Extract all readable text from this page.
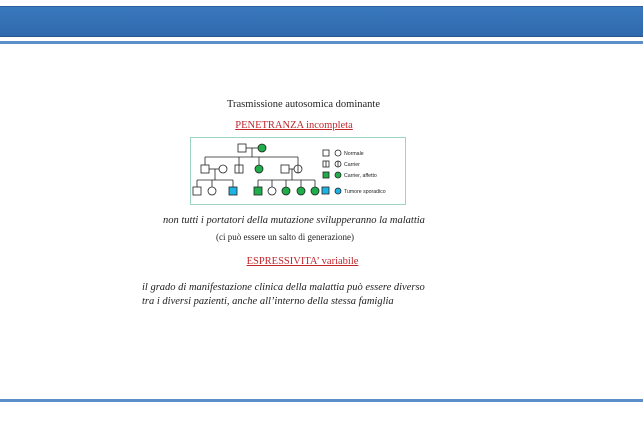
Trasmissione autosomica dominante
PENETRANZA incompleta
Normale
Carrier
Carrier, affetto
Tumore sporadico
non tutti i portatori della mutazione svilupperanno la malattia
(ci può essere un salto di generazione)
ESPRESSIVITA’ variabile
il grado di manifestazione clinica della malattia può essere diverso
tra i diversi pazienti, anche all’interno della stessa famiglia
